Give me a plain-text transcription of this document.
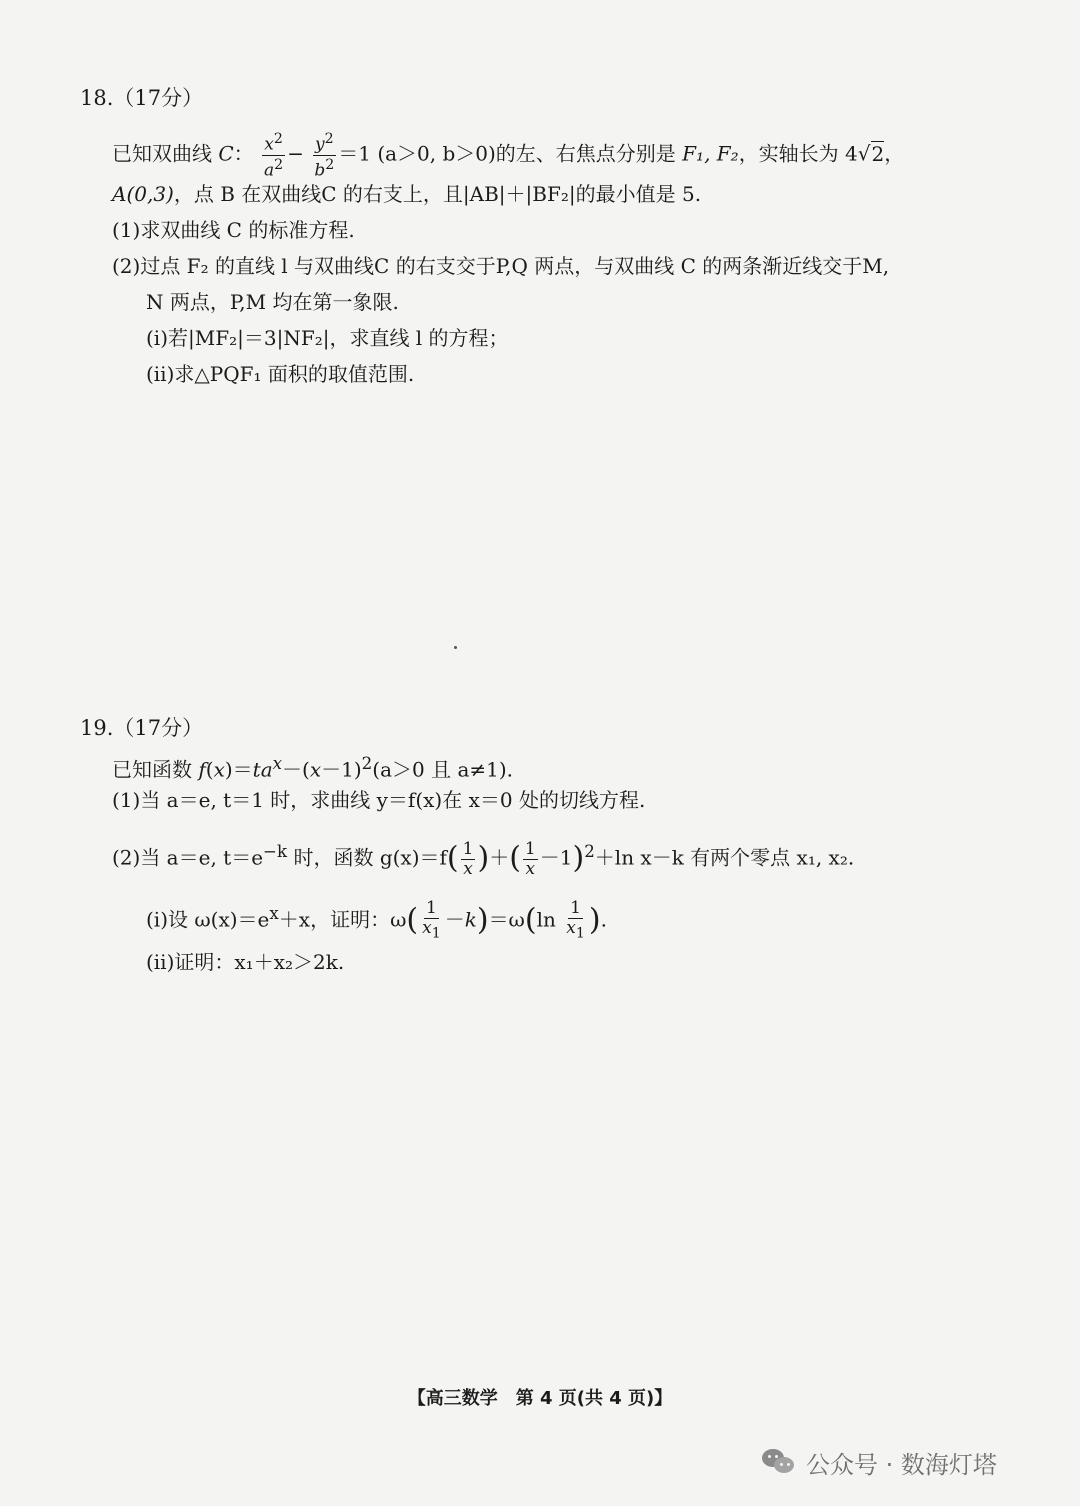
18.（17分）
已知双曲线 C： $\frac{x^2}{a^2} - \frac{y^2}{b^2} =1$ (a＞0, b＞0)的左、右焦点分别是 F₁, F₂，实轴长为 4√2，
A(0,3)，点 B 在双曲线C 的右支上，且|AB|＋|BF₂|的最小值是 5.
(1)求双曲线 C 的标准方程.
(2)过点 F₂ 的直线 l 与双曲线C 的右支交于P,Q 两点，与双曲线 C 的两条渐近线交于M,
N 两点，P,M 均在第一象限.
(ⅰ)若|MF₂|＝3|NF₂|，求直线 l 的方程；
(ⅱ)求△PQF₁ 面积的取值范围.
19.（17分）
已知函数 $f(x)=ta^x-(x-1)^2(a>0$ 且 a≠1).
(1)当 a＝e, t＝1 时，求曲线 y＝f(x)在 x＝0 处的切线方程.
(2)当 a＝e, $t=e^{-k}$ 时，函数 $g(x)=f( \frac{1}{x}$ )＋( $\frac{1}{x} -1)^2+\ln$ x－k 有两个零点 x₁, x₂.
(ⅰ)设 $\omega(x)=e^x+x$，证明：$\omega( \frac{1}{x_1} -k)=\omega(\ln \frac{1}{x_1}$ ).
(ⅱ)证明：x₁＋x₂＞2k.
【高三数学　第 4 页(共 4 页)】
公众号 · 数海灯塔
